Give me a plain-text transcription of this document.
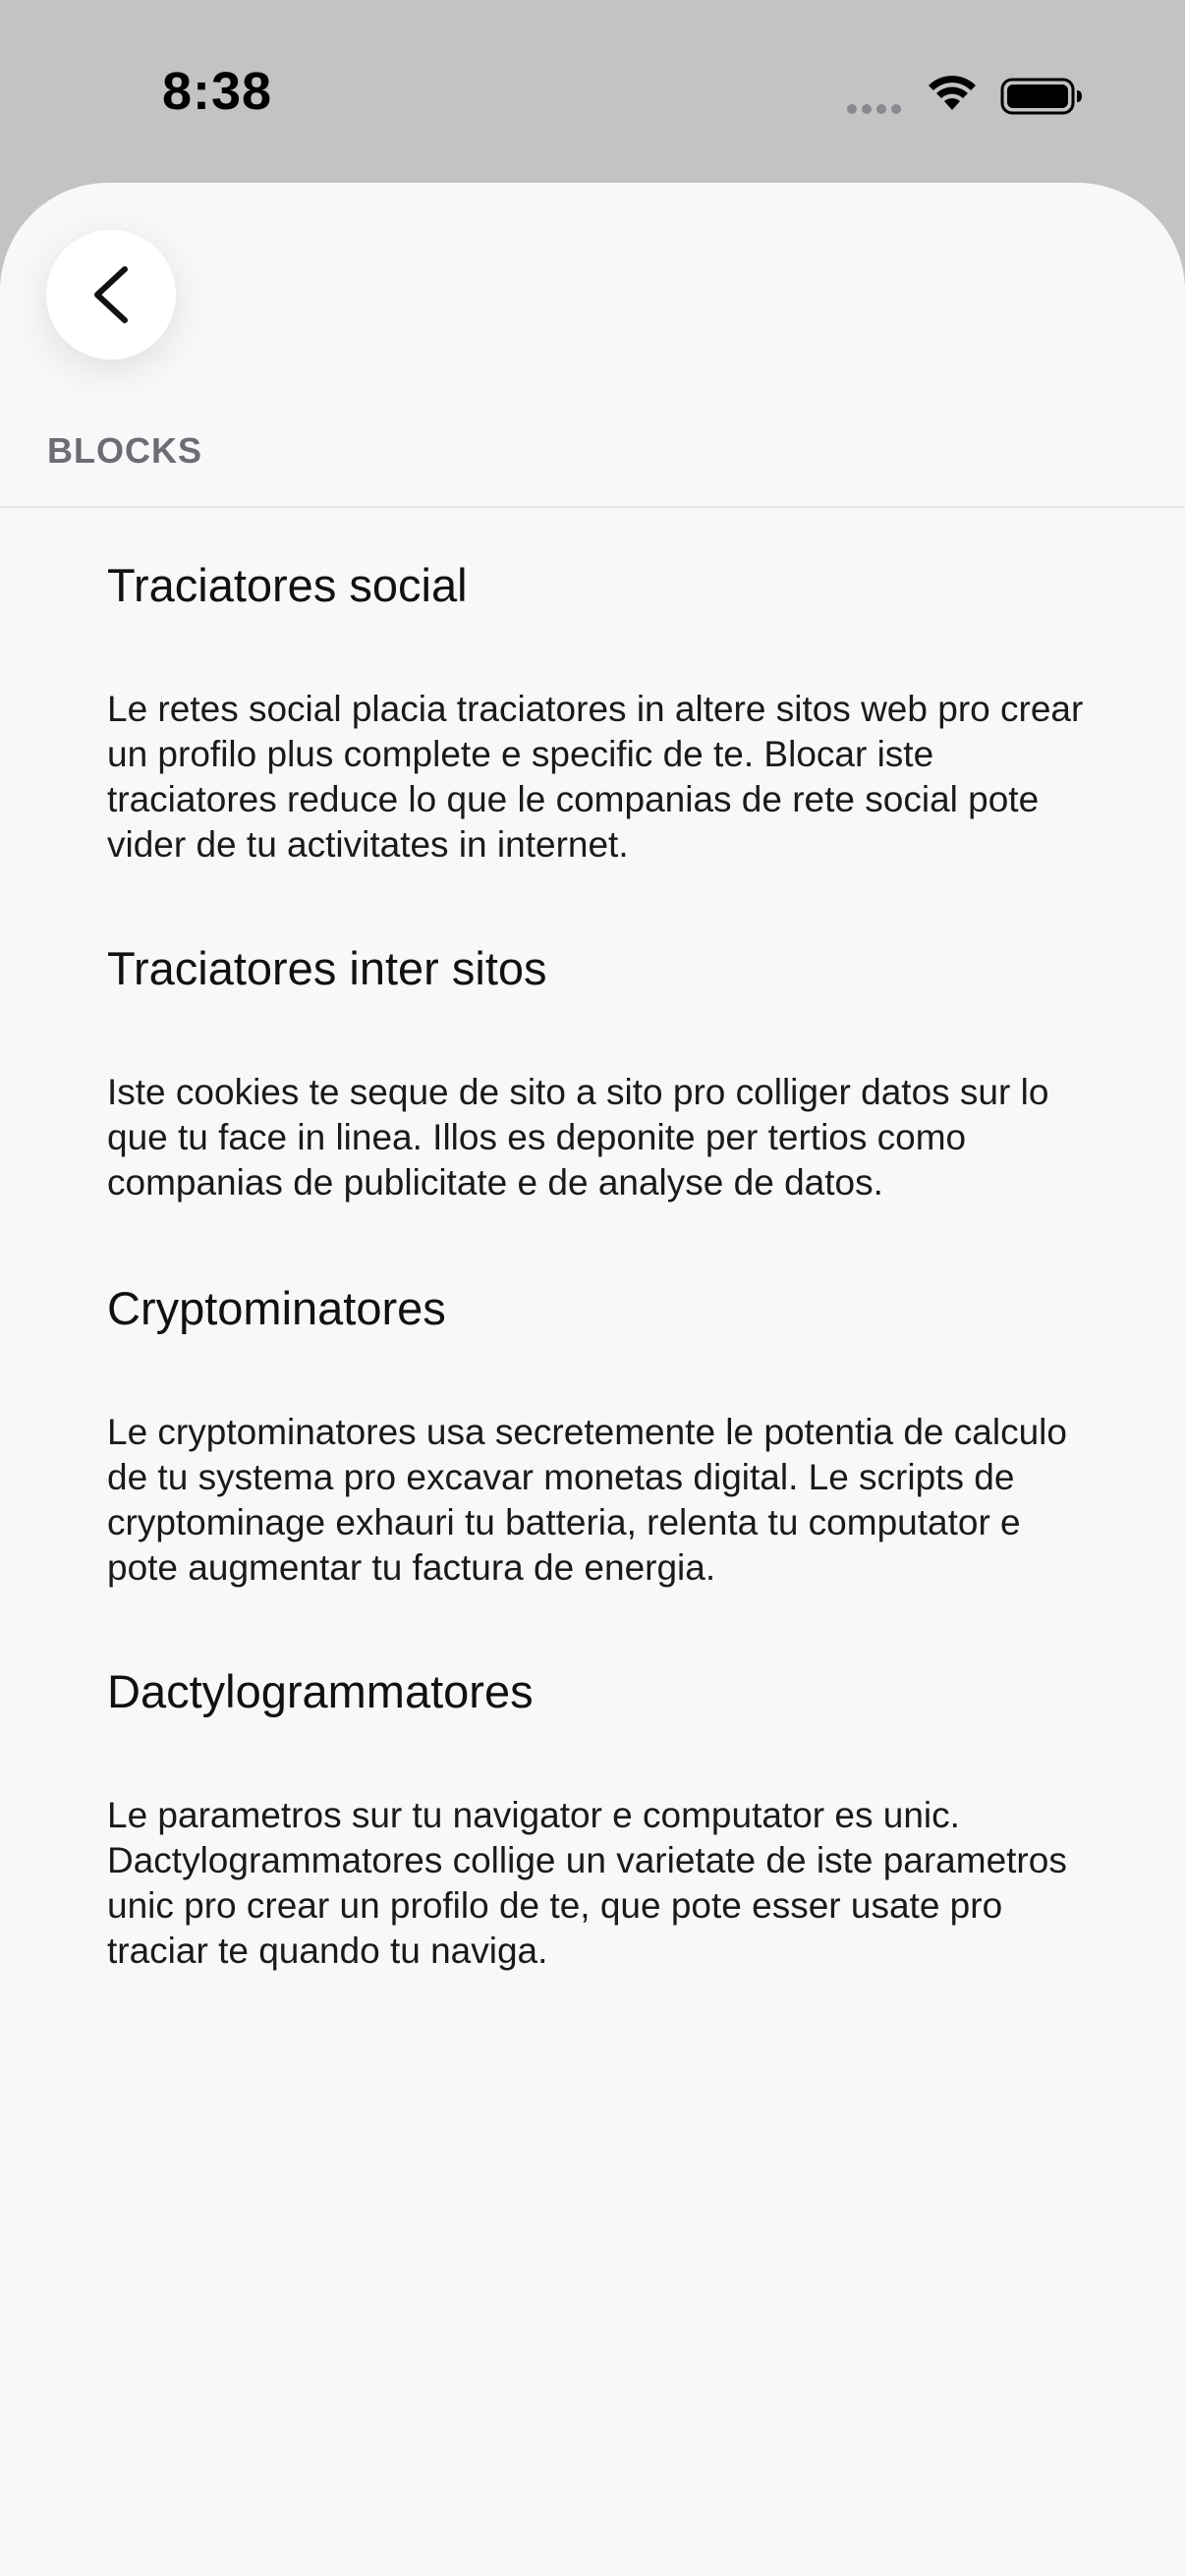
8:38
BLOCKS
Traciatores social

Le retes social placia traciatores in altere sitos web pro crear un profilo plus complete e specific de te. Blocar iste traciatores reduce lo que le companias de rete social pote vider de tu activitates in internet.

Traciatores inter sitos

Iste cookies te seque de sito a sito pro colliger datos sur lo que tu face in linea. Illos es deponite per tertios como companias de publicitate e de analyse de datos.

Cryptominatores

Le cryptominatores usa secretemente le potentia de calculo de tu systema pro excavar monetas digital. Le scripts de cryptominage exhauri tu batteria, relenta tu computator e pote augmentar tu factura de energia.

Dactylogrammatores

Le parametros sur tu navigator e computator es unic. Dactylogrammatores collige un varietate de iste parametros unic pro crear un profilo de te, que pote esser usate pro traciar te quando tu naviga.
